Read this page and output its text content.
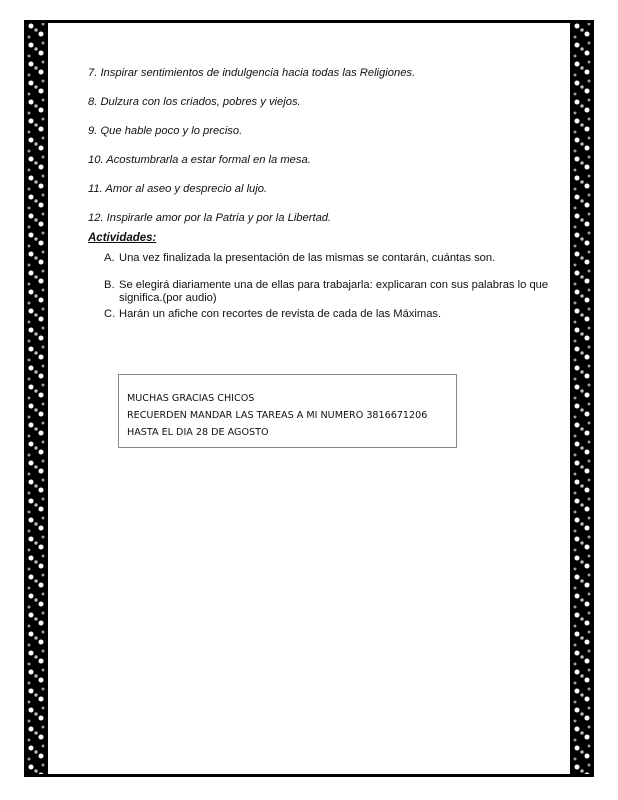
7. Inspirar sentimientos de indulgencia hacia todas las Religiones.

8. Dulzura con los criados, pobres y viejos.

9. Que hable poco y lo preciso.

10. Acostumbrarla a estar formal en la mesa.

11. Amor al aseo y desprecio al lujo.

12. Inspirarle amor por la Patria y por la Libertad.

Actividades:
A. Una vez finalizada la presentación de las mismas se contarán, cuántas son.
B. Se elegirá diariamente una de ellas para trabajarla: explicaran con sus palabras lo que significa.(por audio)
C. Harán un afiche con recortes de revista de cada de las Máximas.
MUCHAS GRACIAS CHICOS
RECUERDEN MANDAR LAS TAREAS A MI NUMERO 3816671206
HASTA EL DIA 28 DE AGOSTO
